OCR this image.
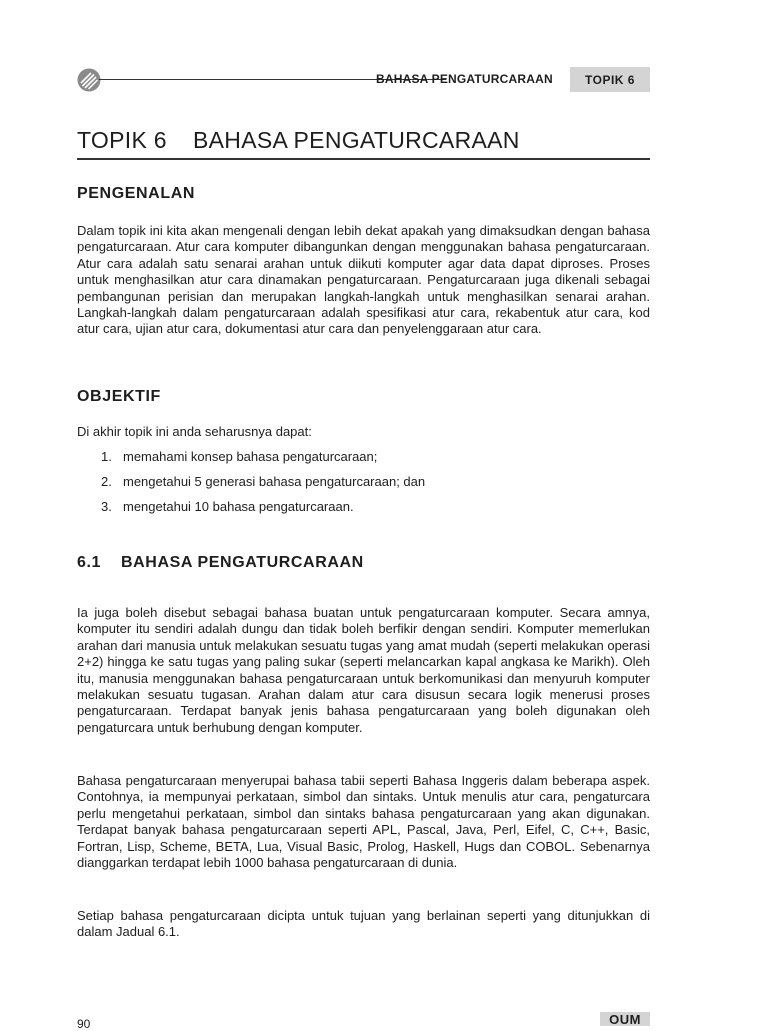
BAHASA PENGATURCARAAN	TOPIK 6
TOPIK 6 BAHASA PENGATURCARAAN
PENGENALAN

Dalam topik ini kita akan mengenali dengan lebih dekat apakah yang dimaksudkan dengan bahasa pengaturcaraan. Atur cara komputer dibangunkan dengan menggunakan bahasa pengaturcaraan. Atur cara adalah satu senarai arahan untuk diikuti komputer agar data dapat diproses. Proses untuk menghasilkan atur cara dinamakan pengaturcaraan. Pengaturcaraan juga dikenali sebagai pembangunan perisian dan merupakan langkah-langkah untuk menghasilkan senarai arahan. Langkah-langkah dalam pengaturcaraan adalah spesifikasi atur cara, rekabentuk atur cara, kod atur cara, ujian atur cara, dokumentasi atur cara dan penyelenggaraan atur cara.

OBJEKTIF

Di akhir topik ini anda seharusnya dapat:

1. memahami konsep bahasa pengaturcaraan;
2. mengetahui 5 generasi bahasa pengaturcaraan; dan
3. mengetahui 10 bahasa pengaturcaraan.
6.1 BAHASA PENGATURCARAAN

Ia juga boleh disebut sebagai bahasa buatan untuk pengaturcaraan komputer. Secara amnya, komputer itu sendiri adalah dungu dan tidak boleh berfikir dengan sendiri. Komputer memerlukan arahan dari manusia untuk melakukan sesuatu tugas yang amat mudah (seperti melakukan operasi 2+2) hingga ke satu tugas yang paling sukar (seperti melancarkan kapal angkasa ke Marikh). Oleh itu, manusia menggunakan bahasa pengaturcaraan untuk berkomunikasi dan menyuruh komputer melakukan sesuatu tugasan. Arahan dalam atur cara disusun secara logik menerusi proses pengaturcaraan. Terdapat banyak jenis bahasa pengaturcaraan yang boleh digunakan oleh pengaturcara untuk berhubung dengan komputer.

Bahasa pengaturcaraan menyerupai bahasa tabii seperti Bahasa Inggeris dalam beberapa aspek. Contohnya, ia mempunyai perkataan, simbol dan sintaks. Untuk menulis atur cara, pengaturcara perlu mengetahui perkataan, simbol dan sintaks bahasa pengaturcaraan yang akan digunakan. Terdapat banyak bahasa pengaturcaraan seperti APL, Pascal, Java, Perl, Eifel, C, C++, Basic, Fortran, Lisp, Scheme, BETA, Lua, Visual Basic, Prolog, Haskell, Hugs dan COBOL. Sebenarnya dianggarkan terdapat lebih 1000 bahasa pengaturcaraan di dunia.

Setiap bahasa pengaturcaraan dicipta untuk tujuan yang berlainan seperti yang ditunjukkan di dalam Jadual 6.1.

90	OUM
